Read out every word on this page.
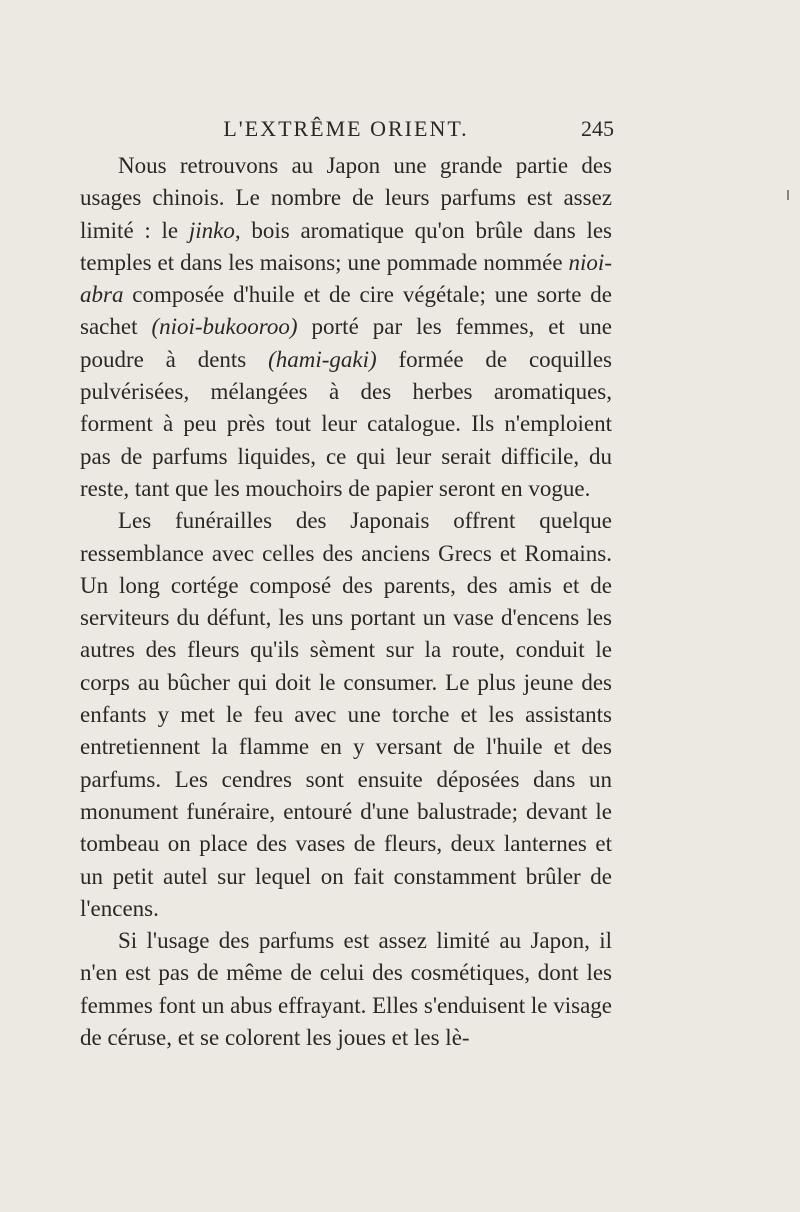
L'EXTRÊME ORIENT.	245

Nous retrouvons au Japon une grande partie des usages chinois. Le nombre de leurs parfums est assez limité : le jinko, bois aromatique qu'on brûle dans les temples et dans les maisons; une pommade nommée nioi-abra composée d'huile et de cire végétale; une sorte de sachet (nioi-bukooroo) porté par les femmes, et une poudre à dents (hami-gaki) formée de coquilles pulvérisées, mélangées à des herbes aromatiques, forment à peu près tout leur catalogue. Ils n'emploient pas de parfums liquides, ce qui leur serait difficile, du reste, tant que les mouchoirs de papier seront en vogue.

Les funérailles des Japonais offrent quelque ressemblance avec celles des anciens Grecs et Romains. Un long cortége composé des parents, des amis et de serviteurs du défunt, les uns portant un vase d'encens les autres des fleurs qu'ils sèment sur la route, conduit le corps au bûcher qui doit le consumer. Le plus jeune des enfants y met le feu avec une torche et les assistants entretiennent la flamme en y versant de l'huile et des parfums. Les cendres sont ensuite déposées dans un monument funéraire, entouré d'une balustrade; devant le tombeau on place des vases de fleurs, deux lanternes et un petit autel sur lequel on fait constamment brûler de l'encens.

Si l'usage des parfums est assez limité au Japon, il n'en est pas de même de celui des cosmétiques, dont les femmes font un abus effrayant. Elles s'enduisent le visage de céruse, et se colorent les joues et les lè-
